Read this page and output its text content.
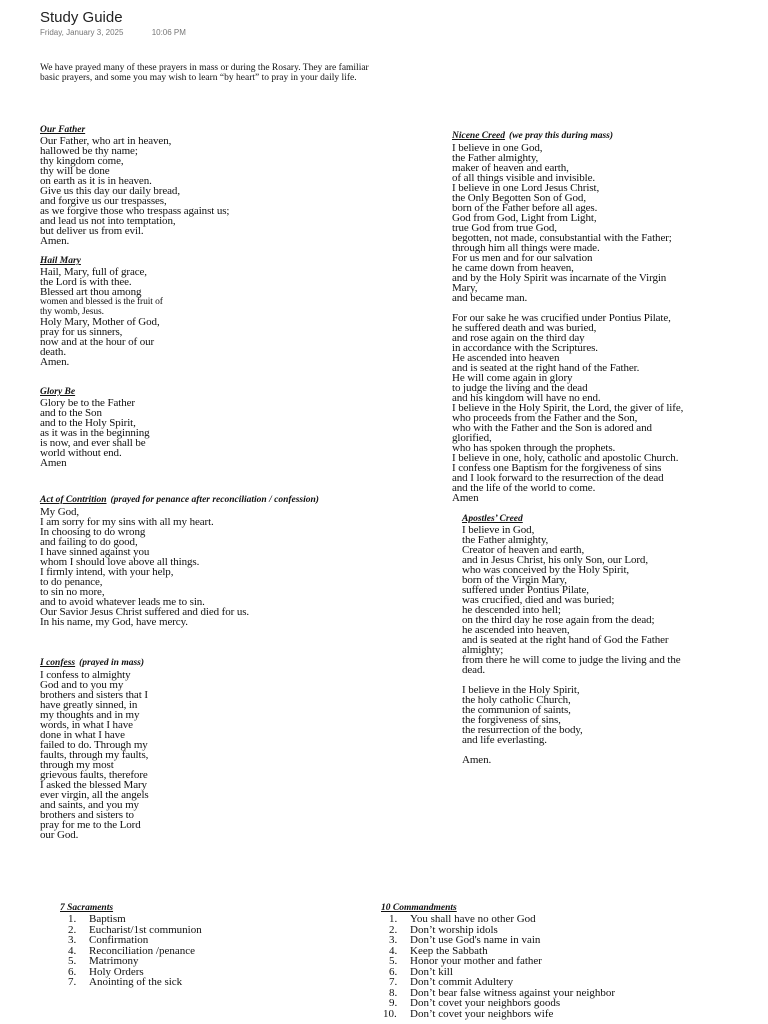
Study Guide
Friday, January 3, 2025	10:06 PM
We have prayed many of these prayers in mass or during the Rosary. They are familiar
basic prayers, and some you may wish to learn “by heart” to pray in your daily life.
Our Father
Our Father, who art in heaven,
hallowed be thy name;
thy kingdom come,
thy will be done
on earth as it is in heaven.
Give us this day our daily bread,
and forgive us our trespasses,
as we forgive those who trespass against us;
and lead us not into temptation,
but deliver us from evil.
Amen.
Hail Mary
Hail, Mary, full of grace,
the Lord is with thee.
Blessed art thou among
women and blessed is the fruit of
thy womb, Jesus.
Holy Mary, Mother of God,
pray for us sinners,
now and at the hour of our
death.
Amen.
Glory Be
Glory be to the Father
and to the Son
and to the Holy Spirit,
as it was in the beginning
is now, and ever shall be
world without end.
Amen
Act of Contrition (prayed for penance after reconciliation / confession)
My God,
I am sorry for my sins with all my heart.
In choosing to do wrong
and failing to do good,
I have sinned against you
whom I should love above all things.
I firmly intend, with your help,
to do penance,
to sin no more,
and to avoid whatever leads me to sin.
Our Savior Jesus Christ suffered and died for us.
In his name, my God, have mercy.
I confess (prayed in mass)
I confess to almighty
God and to you my
brothers and sisters that I
have greatly sinned, in
my thoughts and in my
words, in what I have
done in what I have
failed to do. Through my
faults, through my faults,
through my most
grievous faults, therefore
I asked the blessed Mary
ever virgin, all the angels
and saints, and you my
brothers and sisters to
pray for me to the Lord
our God.
Nicene Creed (we pray this during mass)
I believe in one God,
the Father almighty,
maker of heaven and earth,
of all things visible and invisible.
I believe in one Lord Jesus Christ,
the Only Begotten Son of God,
born of the Father before all ages.
God from God, Light from Light,
true God from true God,
begotten, not made, consubstantial with the Father;
through him all things were made.
For us men and for our salvation
he came down from heaven,
and by the Holy Spirit was incarnate of the Virgin
Mary,
and became man.
For our sake he was crucified under Pontius Pilate,
he suffered death and was buried,
and rose again on the third day
in accordance with the Scriptures.
He ascended into heaven
and is seated at the right hand of the Father.
He will come again in glory
to judge the living and the dead
and his kingdom will have no end.
I believe in the Holy Spirit, the Lord, the giver of life,
who proceeds from the Father and the Son,
who with the Father and the Son is adored and
glorified,
who has spoken through the prophets.
I believe in one, holy, catholic and apostolic Church.
I confess one Baptism for the forgiveness of sins
and I look forward to the resurrection of the dead
and the life of the world to come.
Amen
Apostles’ Creed
I believe in God,
the Father almighty,
Creator of heaven and earth,
and in Jesus Christ, his only Son, our Lord,
who was conceived by the Holy Spirit,
born of the Virgin Mary,
suffered under Pontius Pilate,
was crucified, died and was buried;
he descended into hell;
on the third day he rose again from the dead;
he ascended into heaven,
and is seated at the right hand of God the Father
almighty;
from there he will come to judge the living and the
dead.
I believe in the Holy Spirit,
the holy catholic Church,
the communion of saints,
the forgiveness of sins,
the resurrection of the body,
and life everlasting.
Amen.
7 Sacraments
1. Baptism
2. Eucharist/1st communion
3. Confirmation
4. Reconciliation /penance
5. Matrimony
6. Holy Orders
7. Anointing of the sick
10 Commandments
1. You shall have no other God
2. Don’t worship idols
3. Don’t use God's name in vain
4. Keep the Sabbath
5. Honor your mother and father
6. Don’t kill
7. Don’t commit Adultery
8. Don’t bear false witness against your neighbor
9. Don’t covet your neighbors goods
10. Don’t covet your neighbors wife
